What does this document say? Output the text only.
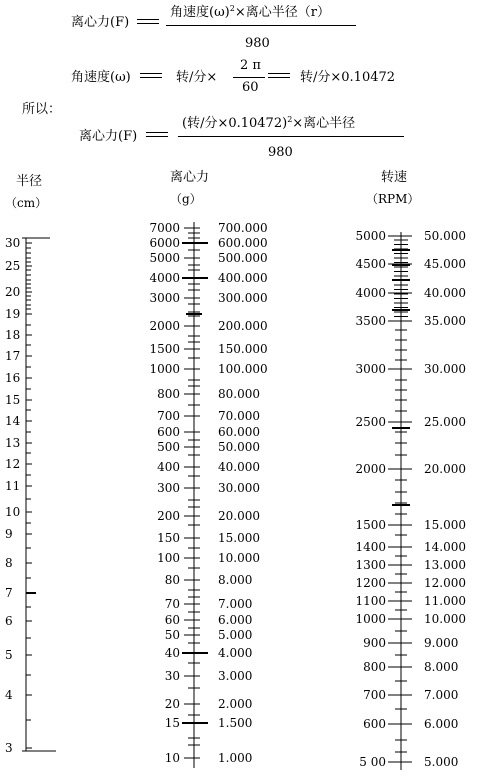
离心力(F)
角速度$(\omega)^2\times$离心半径（r）
980
角速度(ω)	转/分×
2 π
60
转/分×0.10472
所以：
离心力(F)
(转/分×0.10472)$^2$×离心半径
980
半径
（cm）
离心力
（g）
转速
（RPM）
30
25
20
19
18
17
16
15
14
13
12
11
10
9
8
7
6
5
4
3
7000
6000
5000
4000
3000
2000
1500
1000
800
700
600
500
400
300
200
150
100
80
70
60
50
40
30
20
15
10
700.000
600.000
500.000
400.000
300.000
200.000
150.000
100.000
80.000
70.000
60.000
50.000
40.000
30.000
20.000
15.000
10.000
8.000
7.000
6.000
5.000
4.000
3.000
2.000
1.500
1.000
5000
4500
4000
3500
3000
2500
2000
1500
1400
1300
1200
1100
1000
900
800
700
600
5 00
50.000
45.000
40.000
35.000
30.000
25.000
20.000
15.000
14.000
13.000
12.000
11.000
10.000
9.000
8.000
7.000
6.000
5.000
